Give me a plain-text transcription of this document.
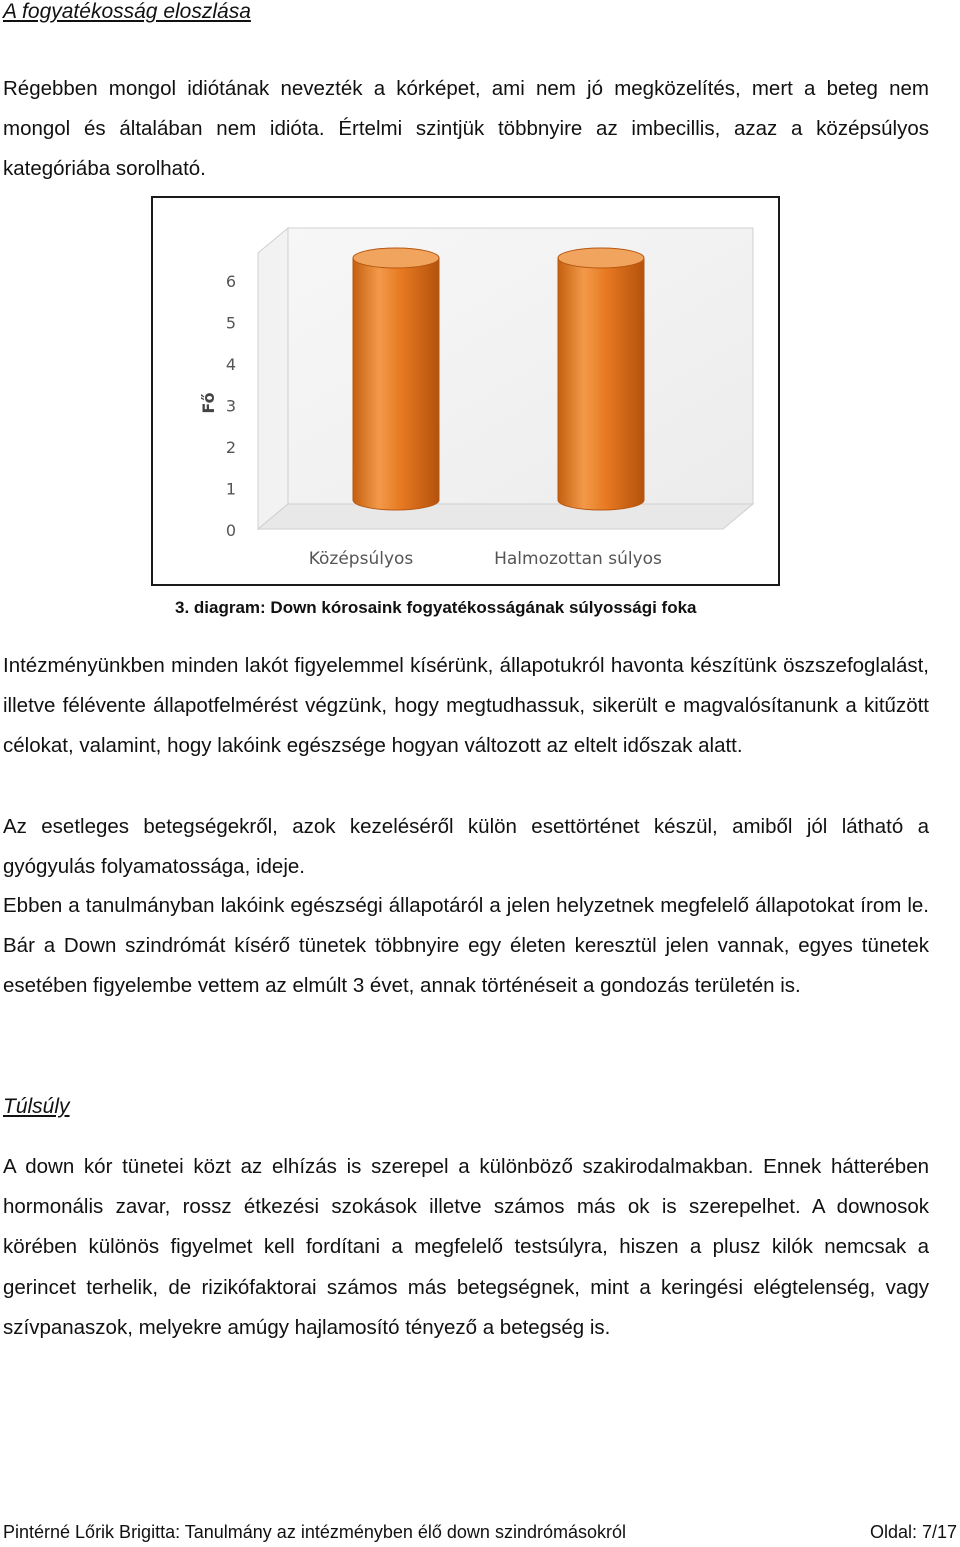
A fogyatékosság eloszlása

Régebben mongol idiótának nevezték a kórképet, ami nem jó megközelítés, mert a beteg nem mongol és általában nem idióta. Értelmi szintjük többnyire az imbecillis, azaz a középsúlyos kategóriába sorolható.

0
1
2
3
4
5
6
Középsúlyos	Halmozottan súlyos
Fő

3. diagram: Down kórosaink fogyatékosságának súlyossági foka

Intézményünkben minden lakót figyelemmel kísérünk, állapotukról havonta készítünk öszszefoglalást, illetve félévente állapotfelmérést végzünk, hogy megtudhassuk, sikerült e magvalósítanunk a kitűzött célokat, valamint, hogy lakóink egészsége hogyan változott az eltelt időszak alatt.

Az esetleges betegségekről, azok kezeléséről külön esettörténet készül, amiből jól látható a gyógyulás folyamatossága, ideje.

Ebben a tanulmányban lakóink egészségi állapotáról a jelen helyzetnek megfelelő állapotokat írom le. Bár a Down szindrómát kísérő tünetek többnyire egy életen keresztül jelen vannak, egyes tünetek esetében figyelembe vettem az elmúlt 3 évet, annak történéseit a gondozás területén is.

Túlsúly

A down kór tünetei közt az elhízás is szerepel a különböző szakirodalmakban. Ennek hátterében hormonális zavar, rossz étkezési szokások illetve számos más ok is szerepelhet. A downosok körében különös figyelmet kell fordítani a megfelelő testsúlyra, hiszen a plusz kilók nemcsak a gerincet terhelik, de rizikófaktorai számos más betegségnek, mint a keringési elégtelenség, vagy szívpanaszok, melyekre amúgy hajlamosító tényező a betegség is.

Pintérné Lőrik Brigitta: Tanulmány az intézményben élő down szindrómásokról	Oldal: 7/17
